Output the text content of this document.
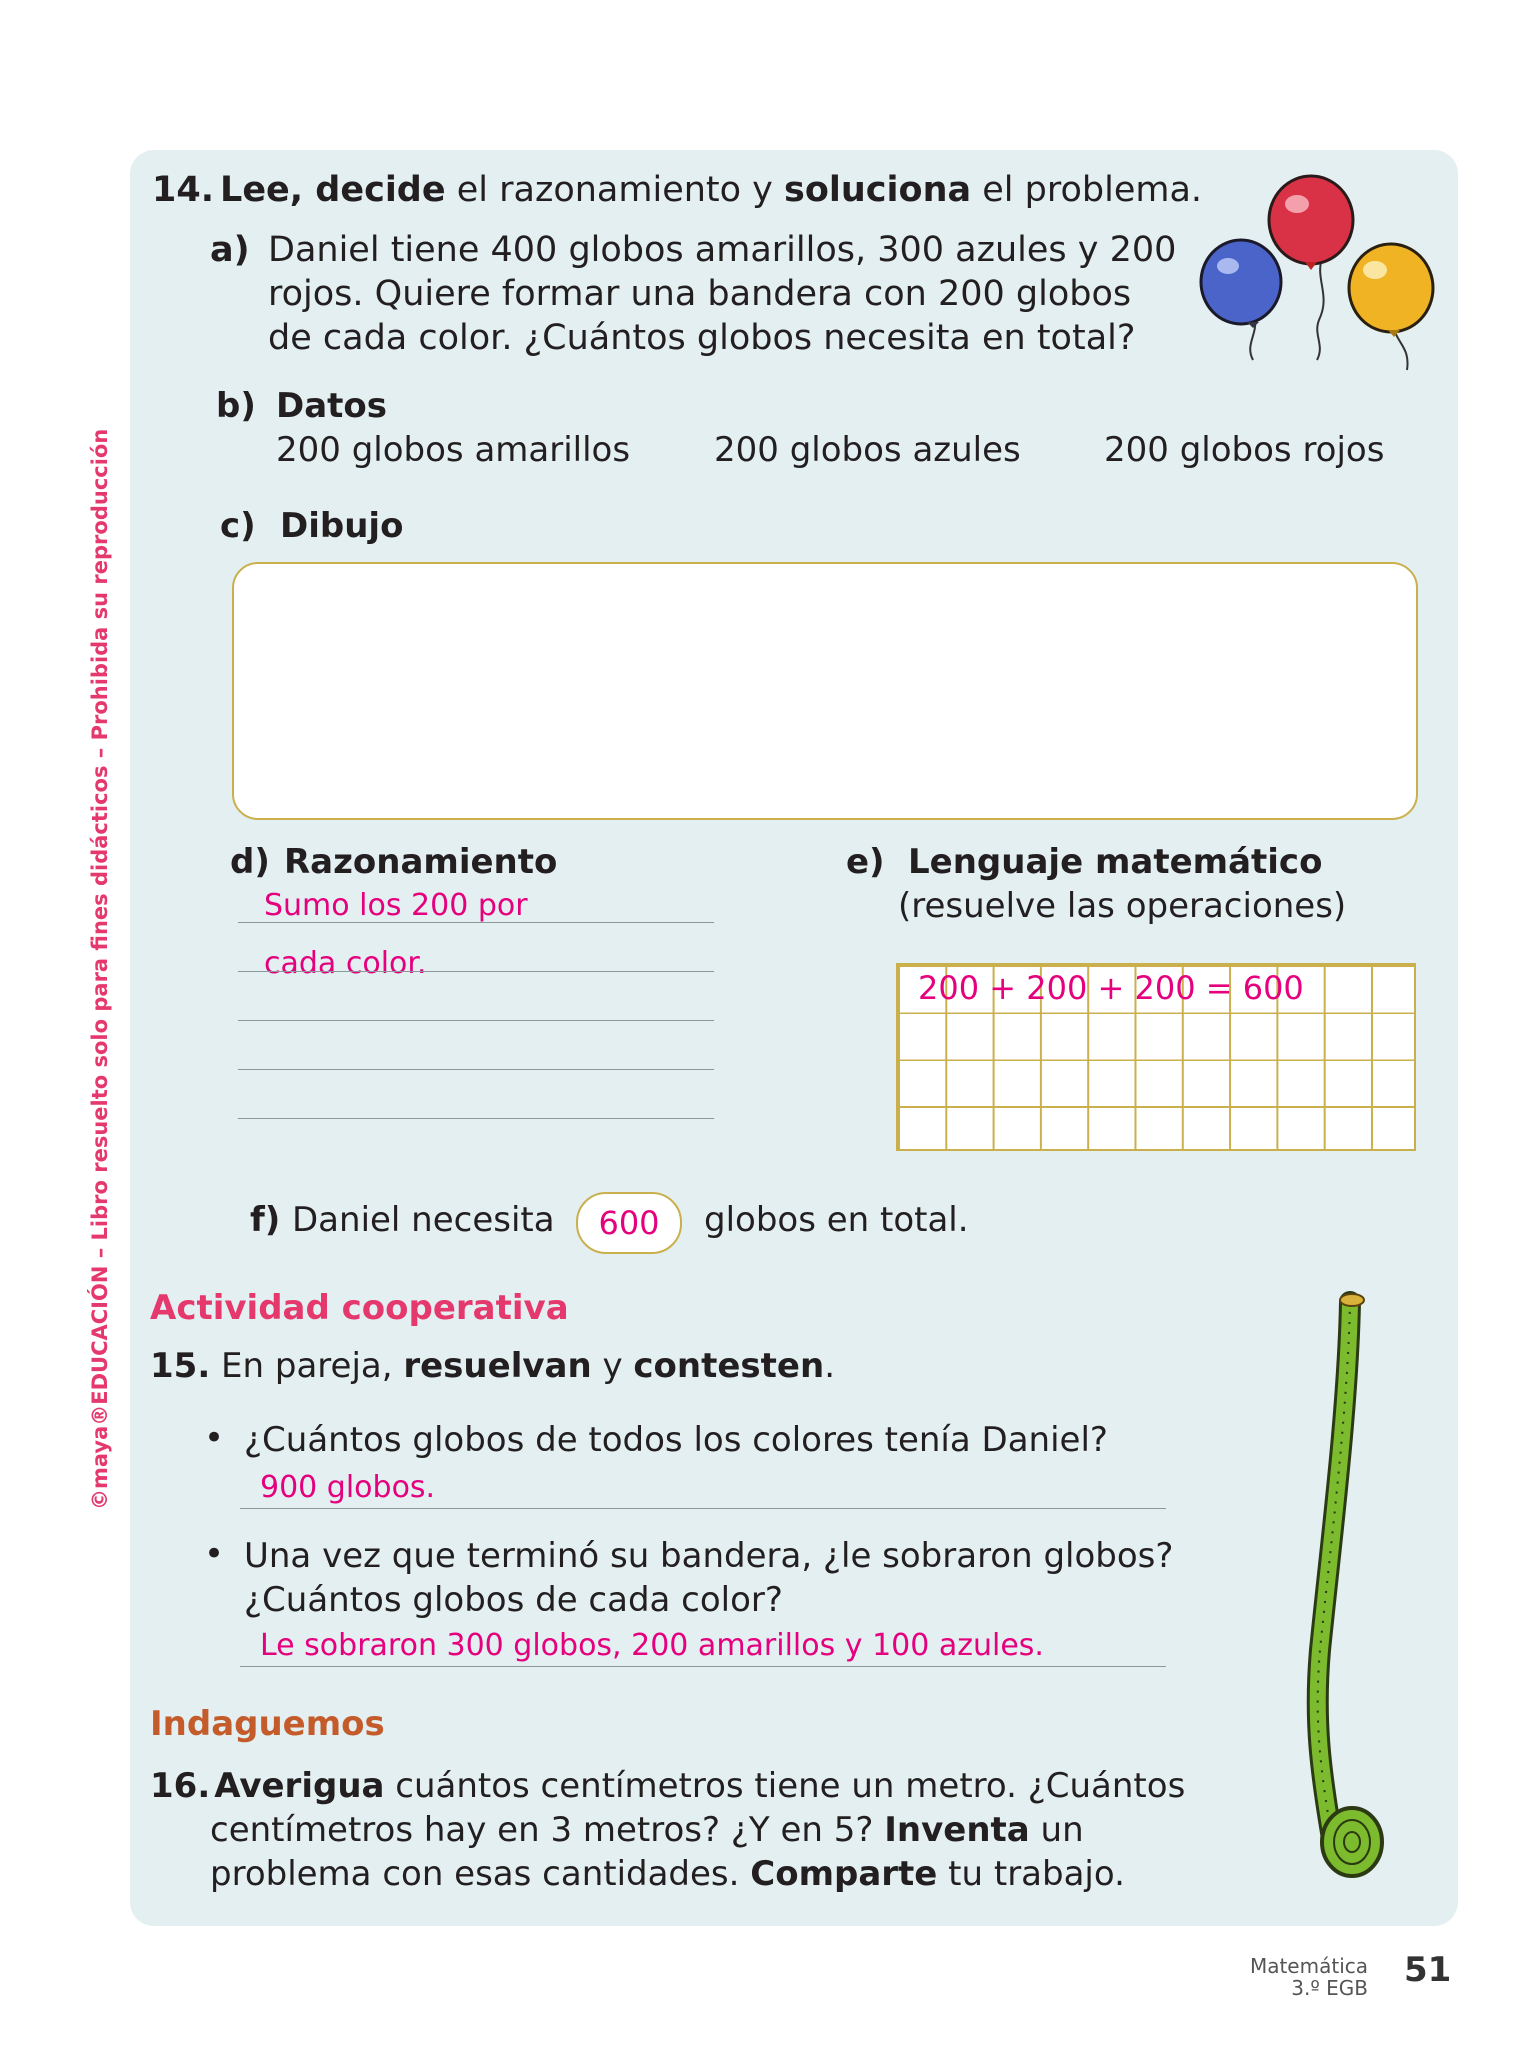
©maya®EDUCACIÓN – Libro resuelto solo para fines didácticos – Prohibida su reproducción
14. Lee, decide el razonamiento y soluciona el problema.
a) Daniel tiene 400 globos amarillos, 300 azules y 200
rojos. Quiere formar una bandera con 200 globos
de cada color. ¿Cuántos globos necesita en total?
b) Datos
200 globos amarillos 200 globos azules 200 globos rojos
c) Dibujo
d) Razonamiento
Sumo los 200 por
cada color.
e) Lenguaje matemático
(resuelve las operaciones)
200 + 200 + 200 = 600
f) Daniel necesita 600 globos en total.
Actividad cooperativa
15. En pareja, resuelvan y contesten.
• ¿Cuántos globos de todos los colores tenía Daniel?
900 globos.
• Una vez que terminó su bandera, ¿le sobraron globos?
¿Cuántos globos de cada color?
Le sobraron 300 globos, 200 amarillos y 100 azules.
Indaguemos
16. Averigua cuántos centímetros tiene un metro. ¿Cuántos
centímetros hay en 3 metros? ¿Y en 5? Inventa un
problema con esas cantidades. Comparte tu trabajo.
Matemática
3.º EGB 51
